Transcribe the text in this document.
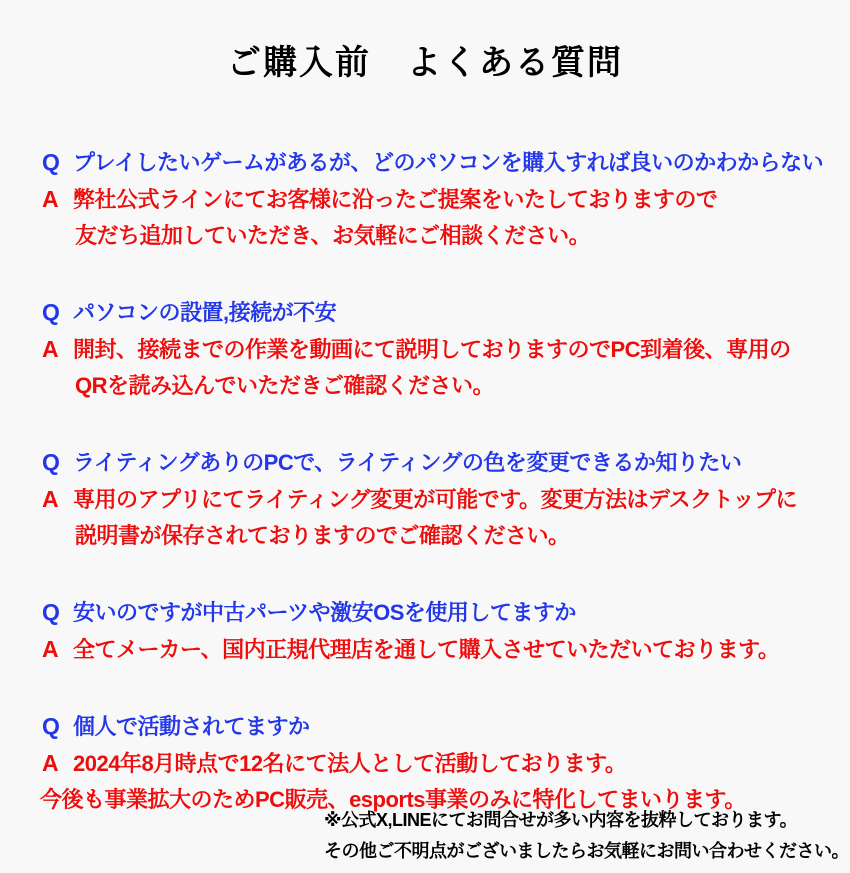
ご購入前　よくある質問
Q プレイしたいゲームがあるが、どのパソコンを購入すれば良いのかわからない
A 弊社公式ラインにてお客様に沿ったご提案をいたしておりますので
友だち追加していただき、お気軽にご相談ください。
Q パソコンの設置,接続が不安
A 開封、接続までの作業を動画にて説明しておりますのでPC到着後、専用の
QRを読み込んでいただきご確認ください。
Q ライティングありのPCで、ライティングの色を変更できるか知りたい
A 専用のアプリにてライティング変更が可能です。変更方法はデスクトップに
説明書が保存されておりますのでご確認ください。
Q 安いのですが中古パーツや激安OSを使用してますか
A 全てメーカー、国内正規代理店を通して購入させていただいております。
Q 個人で活動されてますか
A 2024年8月時点で12名にて法人として活動しております。
今後も事業拡大のためPC販売、esports事業のみに特化してまいります。
※公式X,LINEにてお問合せが多い内容を抜粋しております。
その他ご不明点がございましたらお気軽にお問い合わせください。
